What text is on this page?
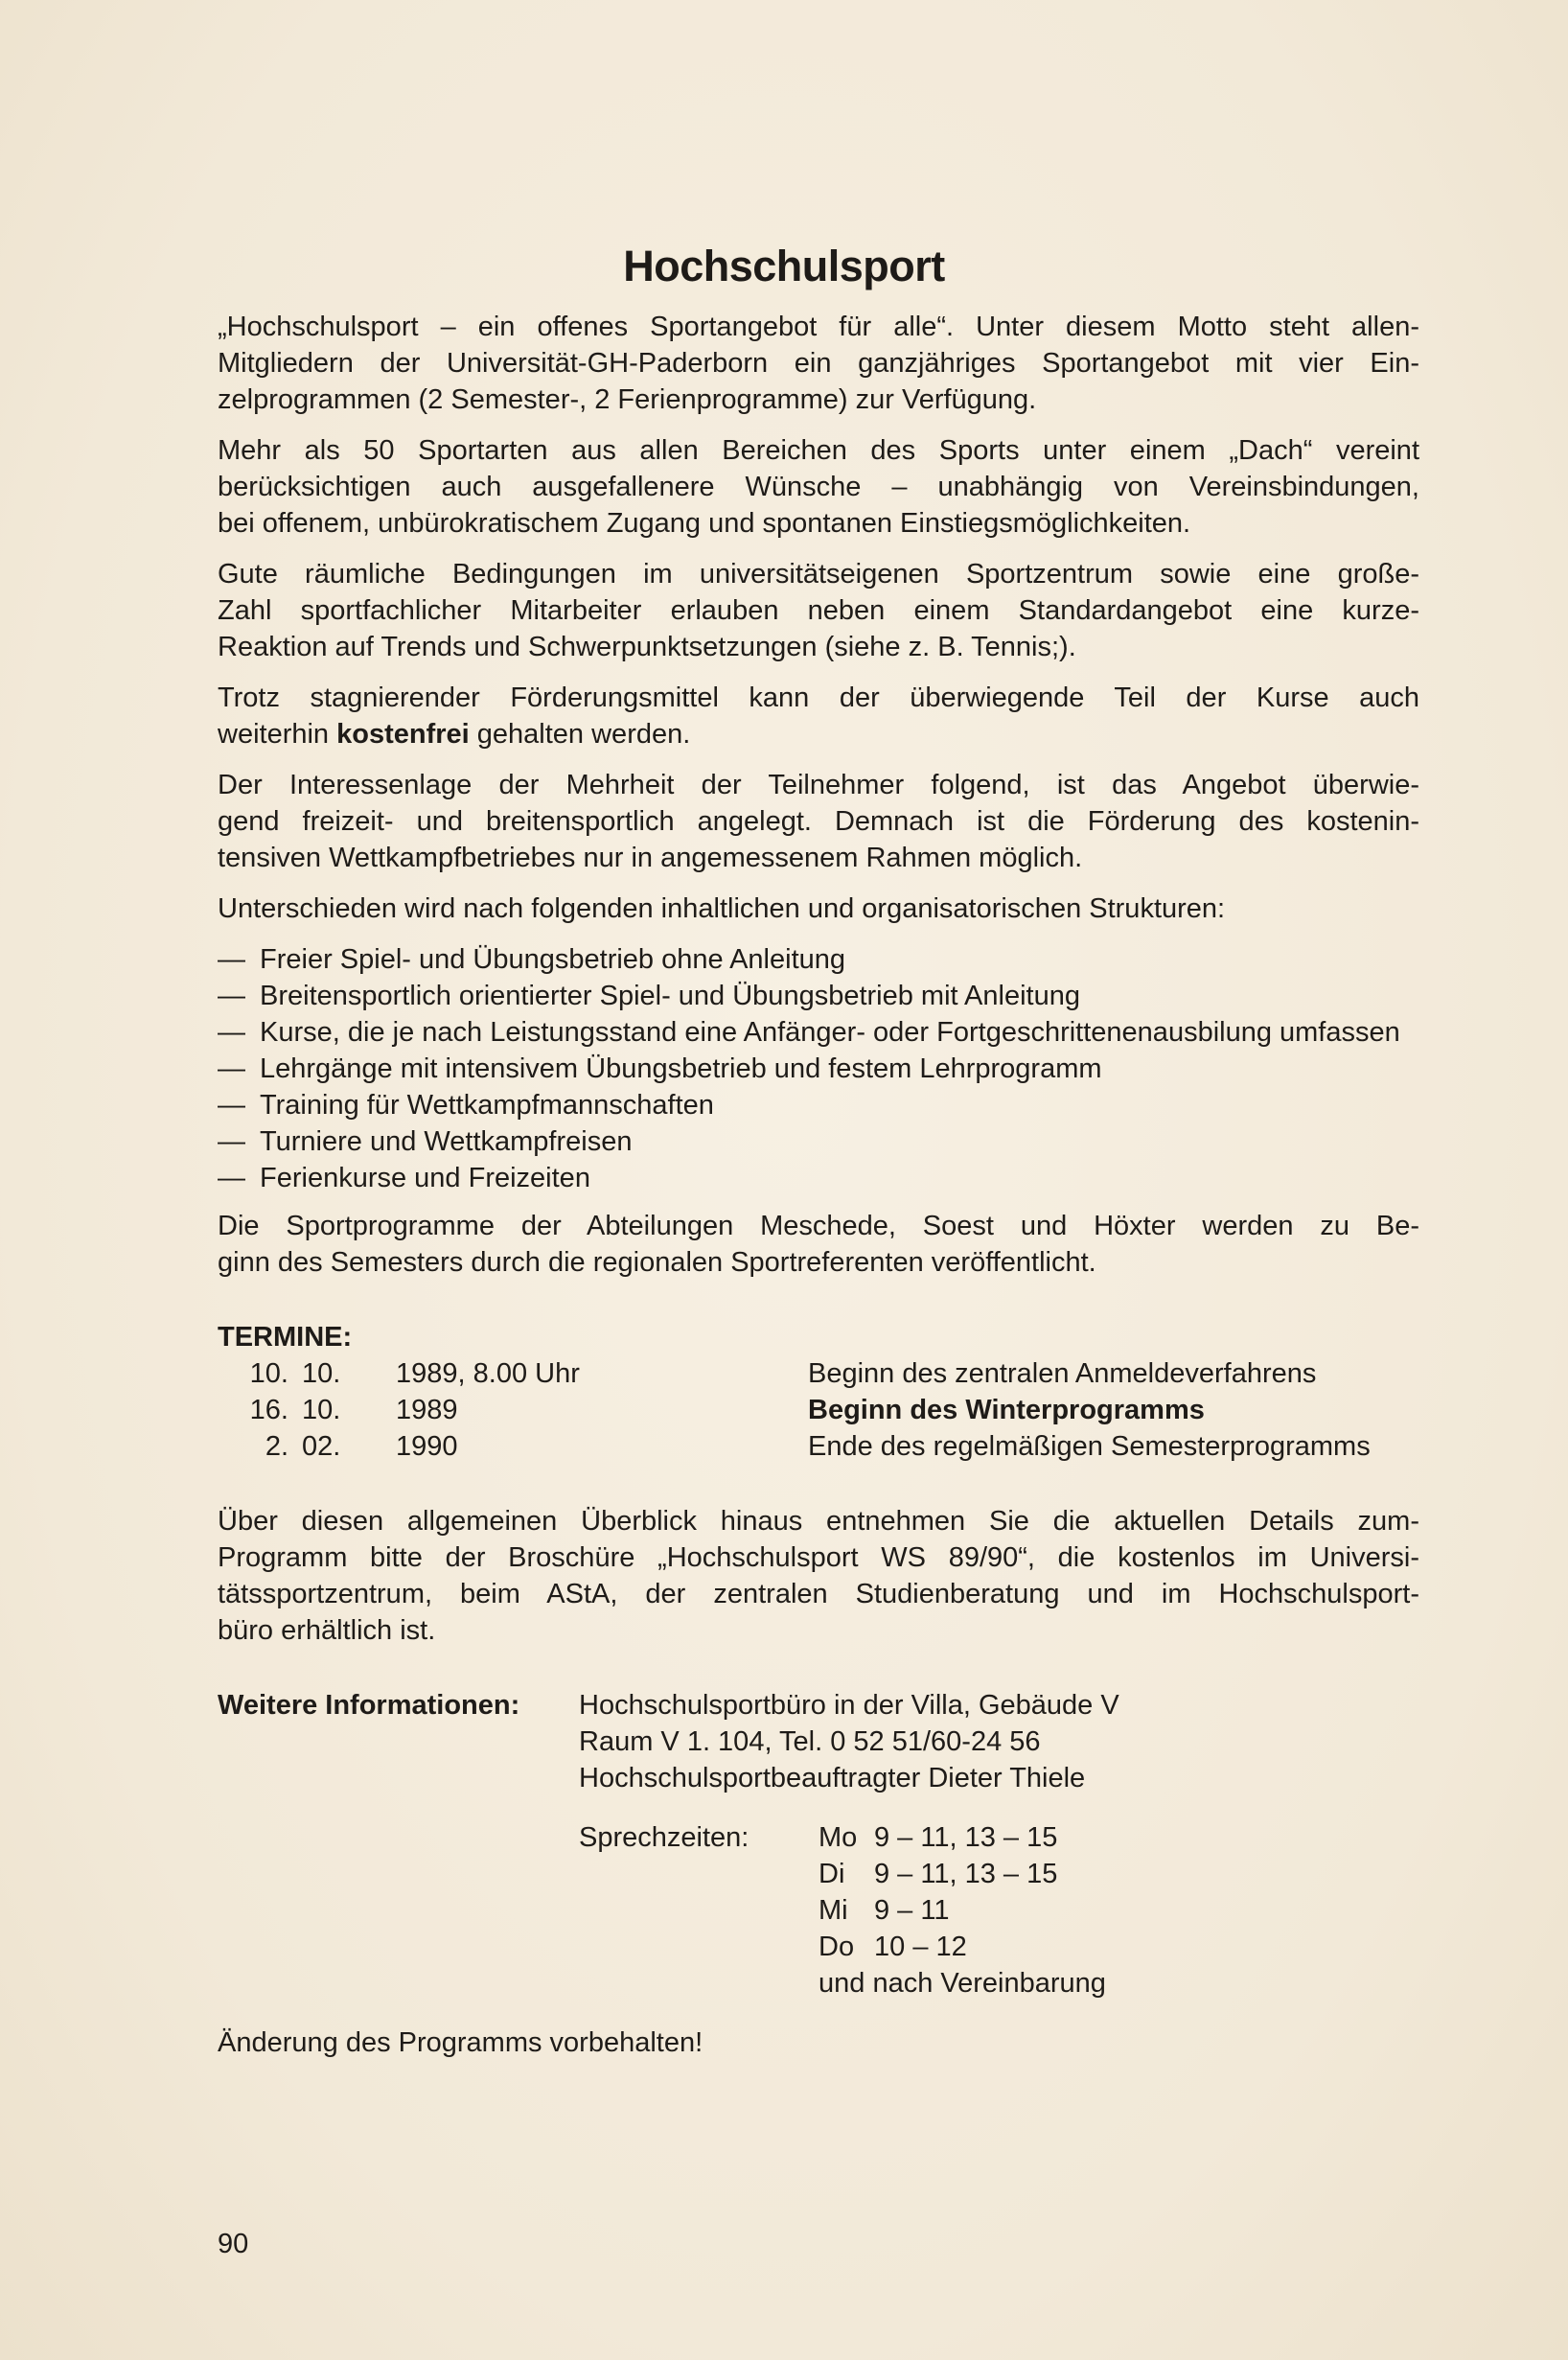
Hochschulsport

„Hochschulsport – ein offenes Sportangebot für alle“. Unter diesem Motto steht allen-
Mitgliedern der Universität-GH-Paderborn ein ganzjähriges Sportangebot mit vier Ein-
zelprogrammen (2 Semester-, 2 Ferienprogramme) zur Verfügung.

Mehr als 50 Sportarten aus allen Bereichen des Sports unter einem „Dach“ vereint
berücksichtigen auch ausgefallenere Wünsche – unabhängig von Vereinsbindungen,
bei offenem, unbürokratischem Zugang und spontanen Einstiegsmöglichkeiten.

Gute räumliche Bedingungen im universitätseigenen Sportzentrum sowie eine große-
Zahl sportfachlicher Mitarbeiter erlauben neben einem Standardangebot eine kurze-
Reaktion auf Trends und Schwerpunktsetzungen (siehe z. B. Tennis;).

Trotz stagnierender Förderungsmittel kann der überwiegende Teil der Kurse auch
weiterhin kostenfrei gehalten werden.

Der Interessenlage der Mehrheit der Teilnehmer folgend, ist das Angebot überwie-
gend freizeit- und breitensportlich angelegt. Demnach ist die Förderung des kostenin-
tensiven Wettkampfbetriebes nur in angemessenem Rahmen möglich.

Unterschieden wird nach folgenden inhaltlichen und organisatorischen Strukturen:

— Freier Spiel- und Übungsbetrieb ohne Anleitung
— Breitensportlich orientierter Spiel- und Übungsbetrieb mit Anleitung
— Kurse, die je nach Leistungsstand eine Anfänger- oder Fortgeschrittenenausbilung umfassen
— Lehrgänge mit intensivem Übungsbetrieb und festem Lehrprogramm
— Training für Wettkampfmannschaften
— Turniere und Wettkampfreisen
— Ferienkurse und Freizeiten

Die Sportprogramme der Abteilungen Meschede, Soest und Höxter werden zu Be-
ginn des Semesters durch die regionalen Sportreferenten veröffentlicht.

TERMINE:
10. 10.	1989, 8.00 Uhr	Beginn des zentralen Anmeldeverfahrens
16. 10.	1989	Beginn des Winterprogramms
2. 02.	1990	Ende des regelmäßigen Semesterprogramms

Über diesen allgemeinen Überblick hinaus entnehmen Sie die aktuellen Details zum-
Programm bitte der Broschüre „Hochschulsport WS 89/90“, die kostenlos im Universi-
tätssportzentrum, beim AStA, der zentralen Studienberatung und im Hochschulsport-
büro erhältlich ist.

Weitere Informationen:	Hochschulsportbüro in der Villa, Gebäude V
Raum V 1. 104, Tel. 0 52 51/60-24 56
Hochschulsportbeauftragter Dieter Thiele
Sprechzeiten:	Mo 9 – 11, 13 – 15
Di	9 – 11, 13 – 15
Mi 9 – 11
Do 10 – 12
und nach Vereinbarung
Änderung des Programms vorbehalten!
90
